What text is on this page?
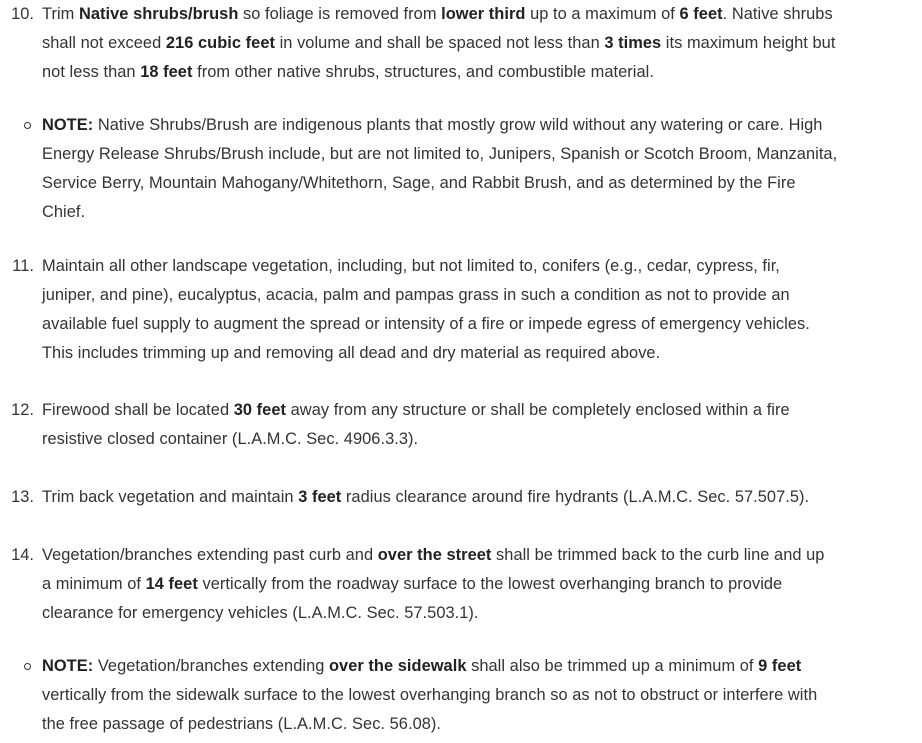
10. Trim Native shrubs/brush so foliage is removed from lower third up to a maximum of 6 feet. Native shrubs
shall not exceed 216 cubic feet in volume and shall be spaced not less than 3 times its maximum height but
not less than 18 feet from other native shrubs, structures, and combustible material.
NOTE: Native Shrubs/Brush are indigenous plants that mostly grow wild without any watering or care. High
Energy Release Shrubs/Brush include, but are not limited to, Junipers, Spanish or Scotch Broom, Manzanita,
Service Berry, Mountain Mahogany/Whitethorn, Sage, and Rabbit Brush, and as determined by the Fire
Chief.
11. Maintain all other landscape vegetation, including, but not limited to, conifers (e.g., cedar, cypress, fir,
juniper, and pine), eucalyptus, acacia, palm and pampas grass in such a condition as not to provide an
available fuel supply to augment the spread or intensity of a fire or impede egress of emergency vehicles.
This includes trimming up and removing all dead and dry material as required above.
12. Firewood shall be located 30 feet away from any structure or shall be completely enclosed within a fire
resistive closed container (L.A.M.C. Sec. 4906.3.3).
13. Trim back vegetation and maintain 3 feet radius clearance around fire hydrants (L.A.M.C. Sec. 57.507.5).
14. Vegetation/branches extending past curb and over the street shall be trimmed back to the curb line and up
a minimum of 14 feet vertically from the roadway surface to the lowest overhanging branch to provide
clearance for emergency vehicles (L.A.M.C. Sec. 57.503.1).
NOTE: Vegetation/branches extending over the sidewalk shall also be trimmed up a minimum of 9 feet
vertically from the sidewalk surface to the lowest overhanging branch so as not to obstruct or interfere with
the free passage of pedestrians (L.A.M.C. Sec. 56.08).
